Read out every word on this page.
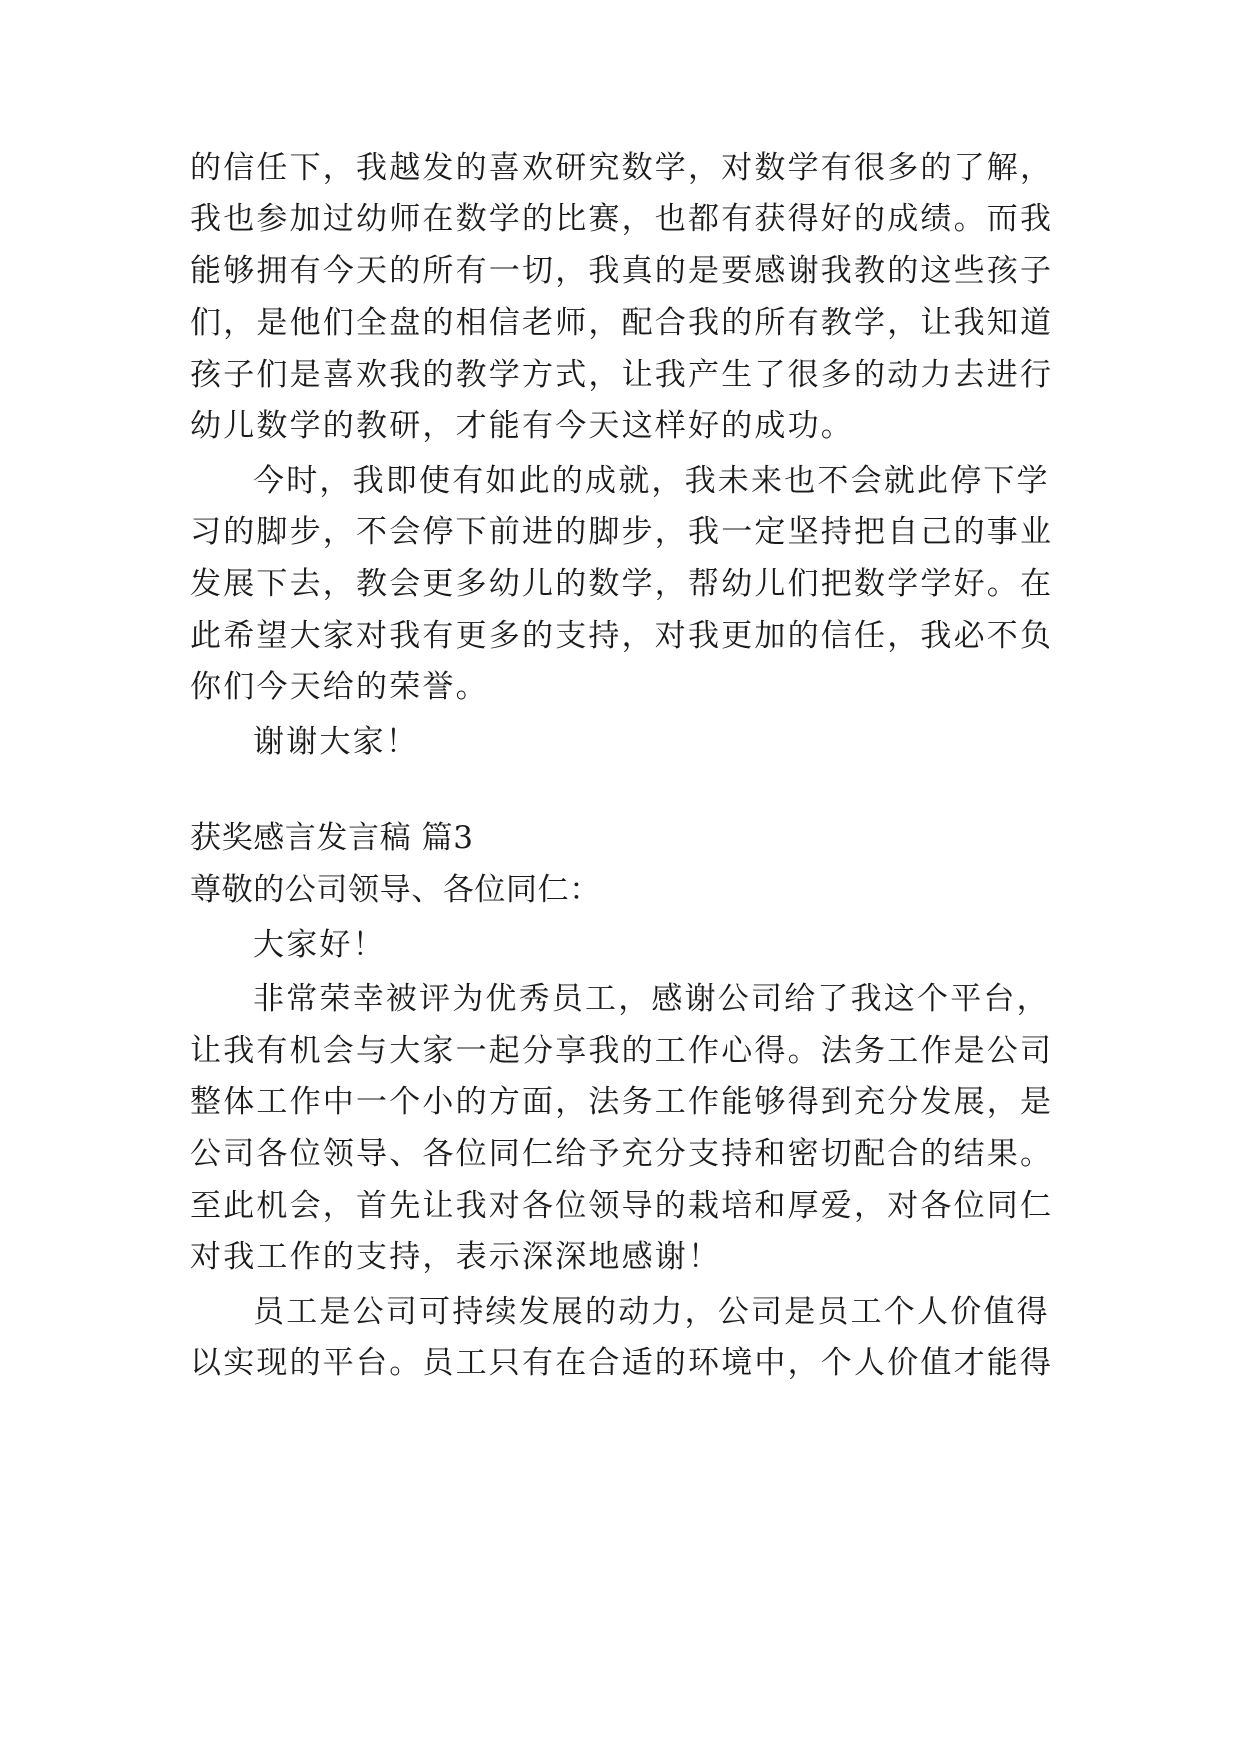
的信任下，我越发的喜欢研究数学，对数学有很多的了解，
我也参加过幼师在数学的比赛，也都有获得好的成绩。而我
能够拥有今天的所有一切，我真的是要感谢我教的这些孩子
们，是他们全盘的相信老师，配合我的所有教学，让我知道
孩子们是喜欢我的教学方式，让我产生了很多的动力去进行
幼儿数学的教研，才能有今天这样好的成功。
今时，我即使有如此的成就，我未来也不会就此停下学
习的脚步，不会停下前进的脚步，我一定坚持把自己的事业
发展下去，教会更多幼儿的数学，帮幼儿们把数学学好。在
此希望大家对我有更多的支持，对我更加的信任，我必不负
你们今天给的荣誉。
谢谢大家！
获奖感言发言稿 篇3
尊敬的公司领导、各位同仁：
大家好！
非常荣幸被评为优秀员工，感谢公司给了我这个平台，
让我有机会与大家一起分享我的工作心得。法务工作是公司
整体工作中一个小的方面，法务工作能够得到充分发展，是
公司各位领导、各位同仁给予充分支持和密切配合的结果。
至此机会，首先让我对各位领导的栽培和厚爱，对各位同仁
对我工作的支持，表示深深地感谢！
员工是公司可持续发展的动力，公司是员工个人价值得
以实现的平台。员工只有在合适的环境中，个人价值才能得
